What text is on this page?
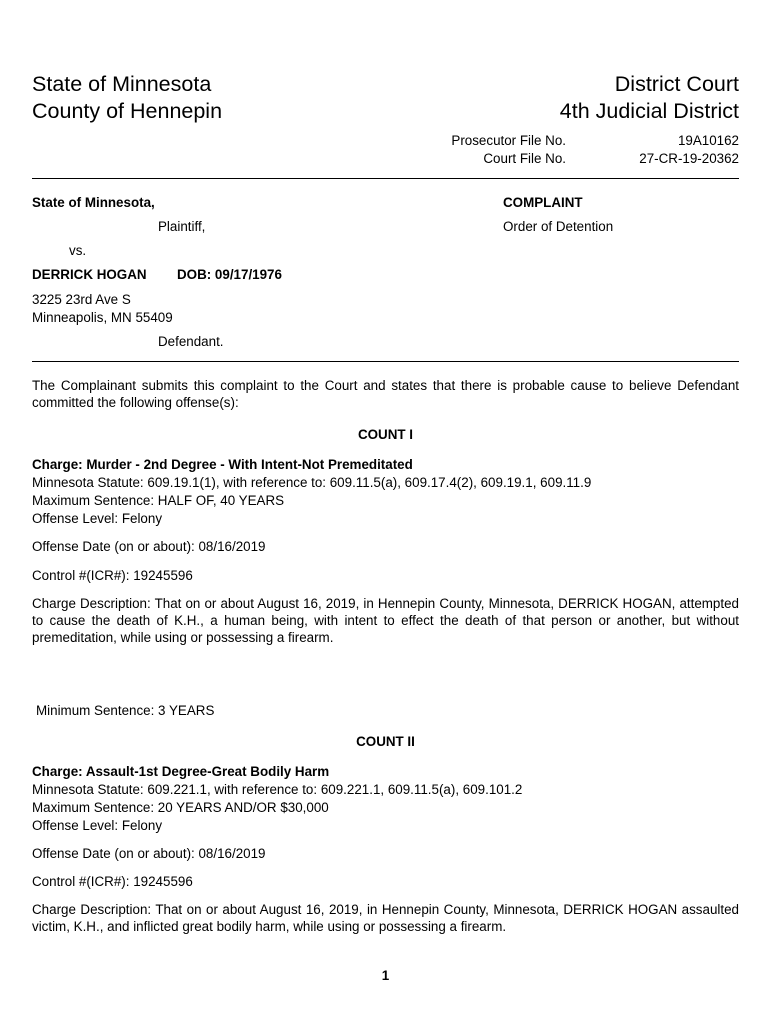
State of Minnesota
County of Hennepin
District Court
4th Judicial District
Prosecutor File No.	19A10162
Court File No.	27-CR-19-20362
State of Minnesota,
Plaintiff,
vs.
DERRICK HOGAN DOB: 09/17/1976
3225 23rd Ave S
Minneapolis, MN 55409
Defendant.
COMPLAINT
Order of Detention

The Complainant submits this complaint to the Court and states that there is probable cause to believe Defendant committed the following offense(s):

COUNT I
Charge: Murder - 2nd Degree - With Intent-Not Premeditated
Minnesota Statute: 609.19.1(1), with reference to: 609.11.5(a), 609.17.4(2), 609.19.1, 609.11.9
Maximum Sentence: HALF OF, 40 YEARS
Offense Level: Felony
Offense Date (on or about): 08/16/2019
Control #(ICR#): 19245596

Charge Description: That on or about August 16, 2019, in Hennepin County, Minnesota, DERRICK HOGAN, attempted to cause the death of K.H., a human being, with intent to effect the death of that person or another, but without premeditation, while using or possessing a firearm.

Minimum Sentence: 3 YEARS
COUNT II
Charge: Assault-1st Degree-Great Bodily Harm
Minnesota Statute: 609.221.1, with reference to: 609.221.1, 609.11.5(a), 609.101.2
Maximum Sentence: 20 YEARS AND/OR $30,000
Offense Level: Felony
Offense Date (on or about): 08/16/2019
Control #(ICR#): 19245596

Charge Description: That on or about August 16, 2019, in Hennepin County, Minnesota, DERRICK HOGAN assaulted victim, K.H., and inflicted great bodily harm, while using or possessing a firearm.

1
